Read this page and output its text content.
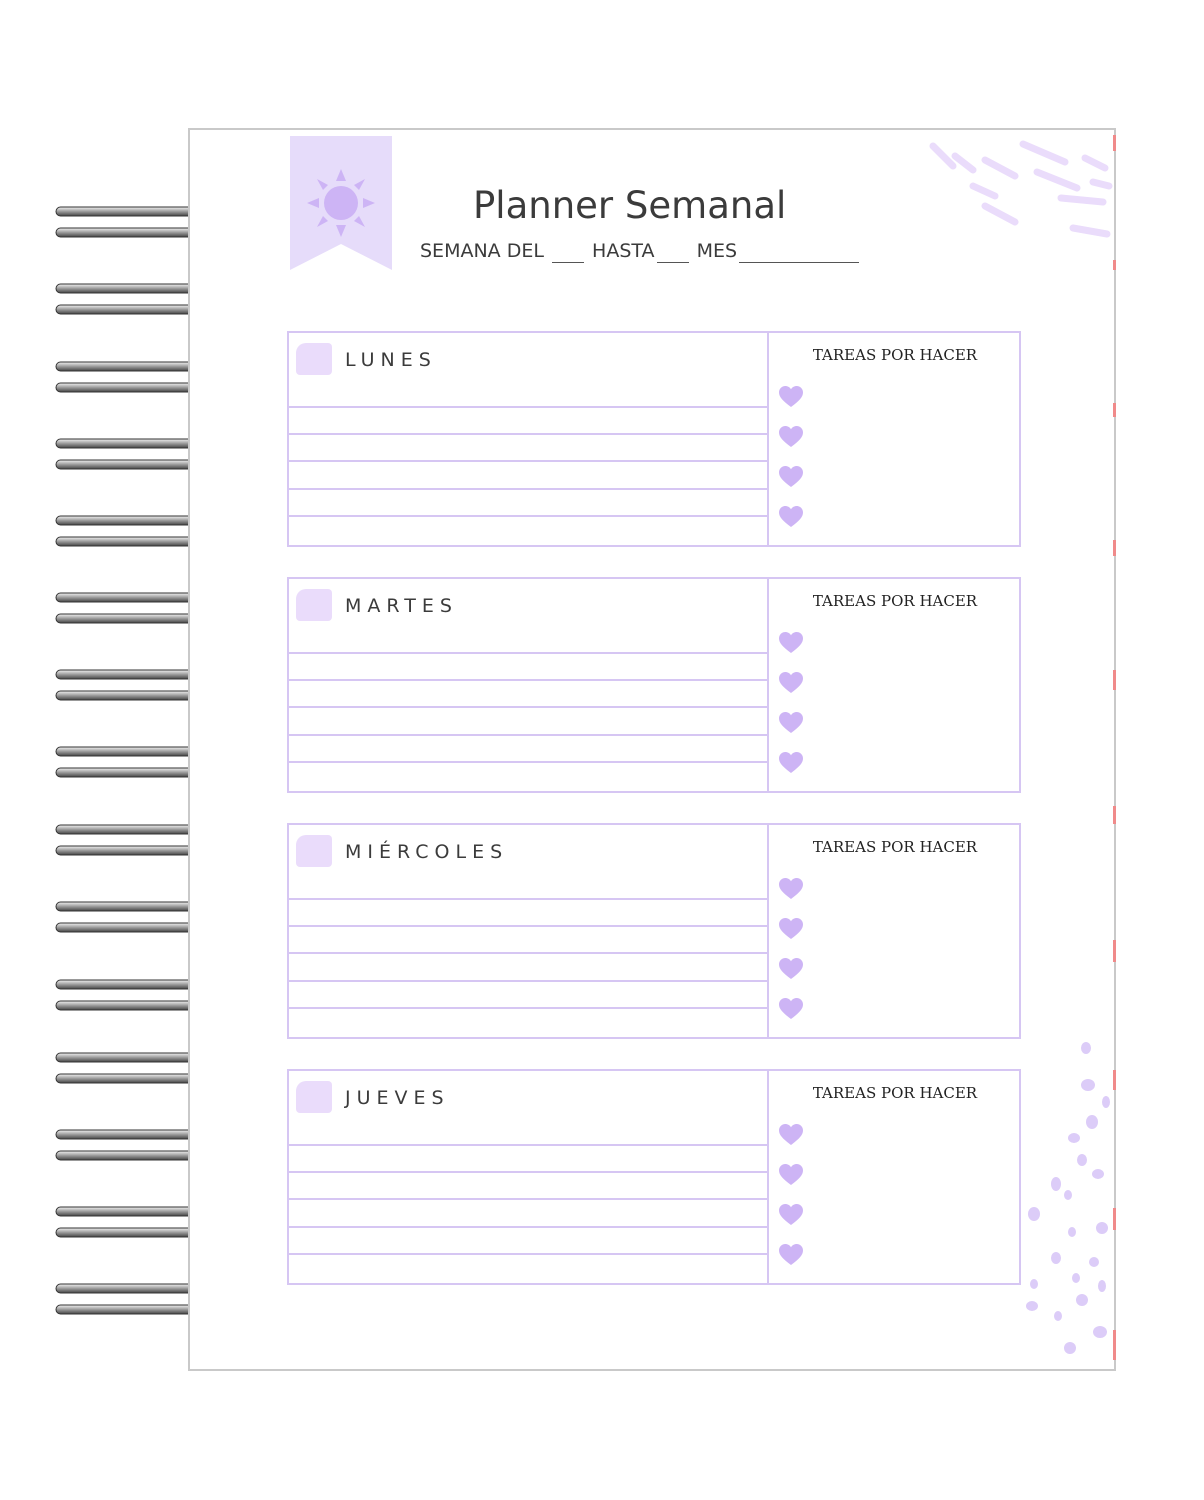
Planner Semanal
SEMANA DEL	HASTA MES
LUNES	TAREAS POR HACER
MARTES	TAREAS POR HACER
MIÉRCOLES	TAREAS POR HACER
JUEVES	TAREAS POR HACER
